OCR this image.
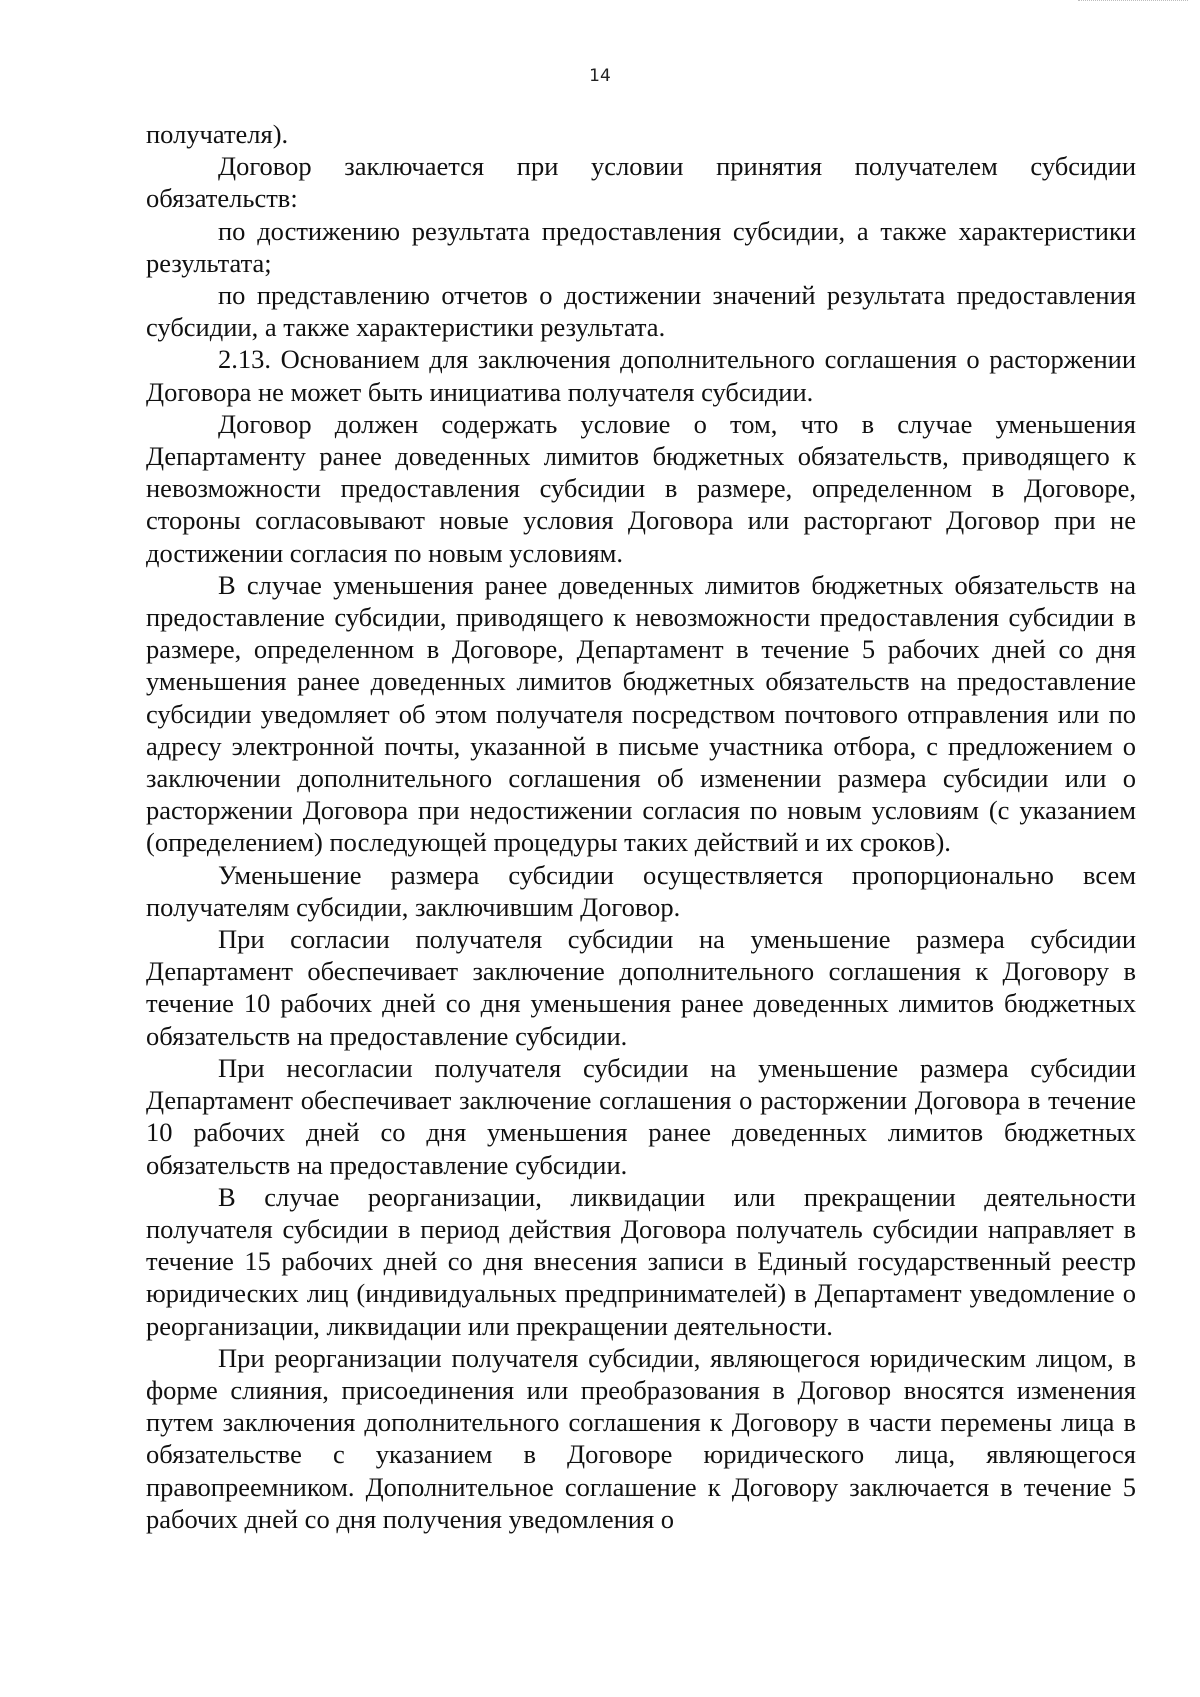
14

получателя).

Договор заключается при условии принятия получателем субсидии обязательств:

по достижению результата предоставления субсидии, а также характеристики результата;

по представлению отчетов о достижении значений результата предоставления субсидии, а также характеристики результата.

2.13. Основанием для заключения дополнительного соглашения о расторжении Договора не может быть инициатива получателя субсидии.

Договор должен содержать условие о том, что в случае уменьшения Департаменту ранее доведенных лимитов бюджетных обязательств, приводящего к невозможности предоставления субсидии в размере, определенном в Договоре, стороны согласовывают новые условия Договора или расторгают Договор при не достижении согласия по новым условиям.

В случае уменьшения ранее доведенных лимитов бюджетных обязательств на предоставление субсидии, приводящего к невозможности предоставления субсидии в размере, определенном в Договоре, Департамент в течение 5 рабочих дней со дня уменьшения ранее доведенных лимитов бюджетных обязательств на предоставление субсидии уведомляет об этом получателя посредством почтового отправления или по адресу электронной почты, указанной в письме участника отбора, с предложением о заключении дополнительного соглашения об изменении размера субсидии или о расторжении Договора при недостижении согласия по новым условиям (с указанием (определением) последующей процедуры таких действий и их сроков).

Уменьшение размера субсидии осуществляется пропорционально всем получателям субсидии, заключившим Договор.

При согласии получателя субсидии на уменьшение размера субсидии Департамент обеспечивает заключение дополнительного соглашения к Договору в течение 10 рабочих дней со дня уменьшения ранее доведенных лимитов бюджетных обязательств на предоставление субсидии.

При несогласии получателя субсидии на уменьшение размера субсидии Департамент обеспечивает заключение соглашения о расторжении Договора в течение 10 рабочих дней со дня уменьшения ранее доведенных лимитов бюджетных обязательств на предоставление субсидии.

В случае реорганизации, ликвидации или прекращении деятельности получателя субсидии в период действия Договора получатель субсидии направляет в течение 15 рабочих дней со дня внесения записи в Единый государственный реестр юридических лиц (индивидуальных предпринимателей) в Департамент уведомление о реорганизации, ликвидации или прекращении деятельности.

При реорганизации получателя субсидии, являющегося юридическим лицом, в форме слияния, присоединения или преобразования в Договор вносятся изменения путем заключения дополнительного соглашения к Договору в части перемены лица в обязательстве с указанием в Договоре юридического лица, являющегося правопреемником. Дополнительное соглашение к Договору заключается в течение 5 рабочих дней со дня получения уведомления о
